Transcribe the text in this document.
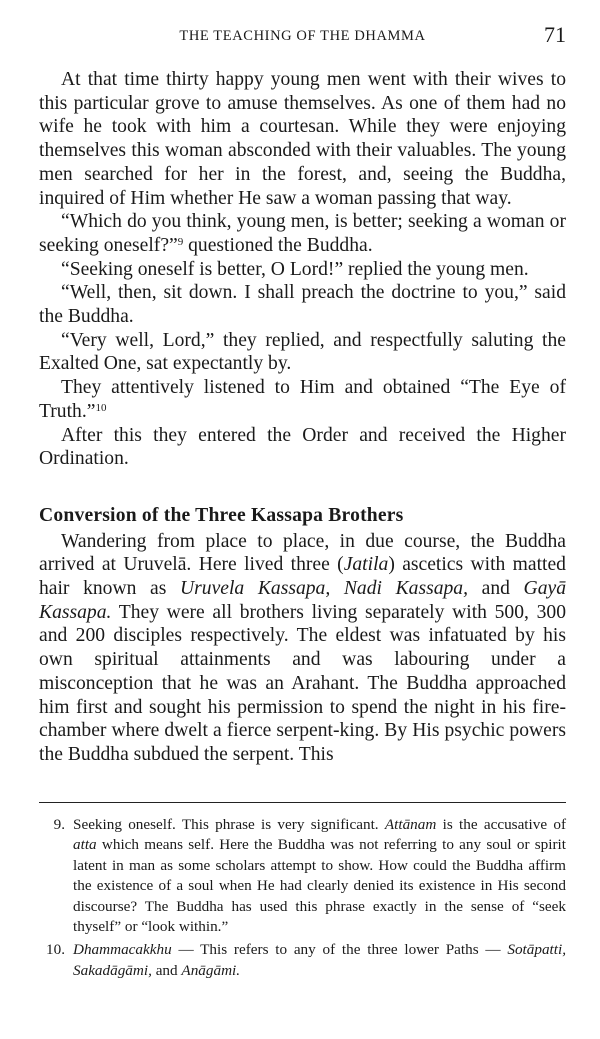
THE TEACHING OF THE DHAMMA	71

At that time thirty happy young men went with their wives to this particular grove to amuse themselves. As one of them had no wife he took with him a courtesan. While they were enjoying themselves this woman absconded with their valuables. The young men searched for her in the forest, and, seeing the Buddha, inquired of Him whether He saw a woman passing that way.

“Which do you think, young men, is better; seeking a woman or seeking oneself?”$^9$ questioned the Buddha.

“Seeking oneself is better, O Lord!” replied the young men.

“Well, then, sit down. I shall preach the doctrine to you,” said the Buddha.

“Very well, Lord,” they replied, and respectfully saluting the Exalted One, sat expectantly by.

They attentively listened to Him and obtained “The Eye of Truth.”$^{10}$

After this they entered the Order and received the Higher Ordination.

Conversion of the Three Kassapa Brothers

Wandering from place to place, in due course, the Buddha arrived at Uruvelā. Here lived three (Jatila) ascetics with matted hair known as Uruvela Kassapa, Nadi Kassapa, and Gayā Kassapa. They were all brothers living separately with 500, 300 and 200 disciples respectively. The eldest was infatuated by his own spiritual attainments and was labouring under a misconception that he was an Arahant. The Buddha approached him first and sought his permission to spend the night in his fire-chamber where dwelt a fierce serpent-king. By His psychic powers the Buddha subdued the serpent. This

9. Seeking oneself. This phrase is very significant. Attānam is the accusative of atta which means self. Here the Buddha was not referring to any soul or spirit latent in man as some scholars attempt to show. How could the Buddha affirm the existence of a soul when He had clearly denied its existence in His second discourse? The Buddha has used this phrase exactly in the sense of “seek thyself” or “look within.”
10. Dhammacakkhu — This refers to any of the three lower Paths — Sotāpatti, Sakadāgāmi, and Anāgāmi.
